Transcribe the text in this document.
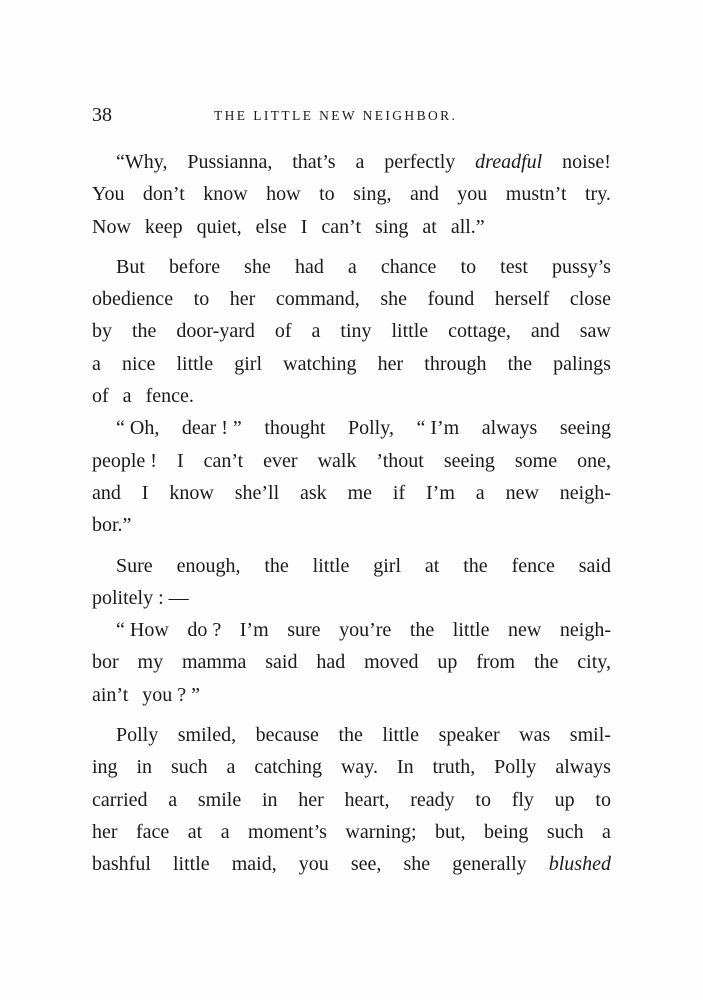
38	THE LITTLE NEW NEIGHBOR.
“Why, Pussianna, that’s a perfectly dreadful noise!
You don’t know how to sing, and you mustn’t try.
Now keep quiet, else I can’t sing at all.”
But before she had a chance to test pussy’s
obedience to her command, she found herself close
by the door-yard of a tiny little cottage, and saw
a nice little girl watching her through the palings
of a fence.
“ Oh, dear ! ” thought Polly, “ I’m always seeing
people ! I can’t ever walk ’thout seeing some one,
and I know she’ll ask me if I’m a new neigh-
bor.”
Sure enough, the little girl at the fence said
politely : —
“ How do ? I’m sure you’re the little new neigh-
bor my mamma said had moved up from the city,
ain’t you ? ”
Polly smiled, because the little speaker was smil-
ing in such a catching way. In truth, Polly always
carried a smile in her heart, ready to fly up to
her face at a moment’s warning; but, being such a
bashful little maid, you see, she generally blushed
